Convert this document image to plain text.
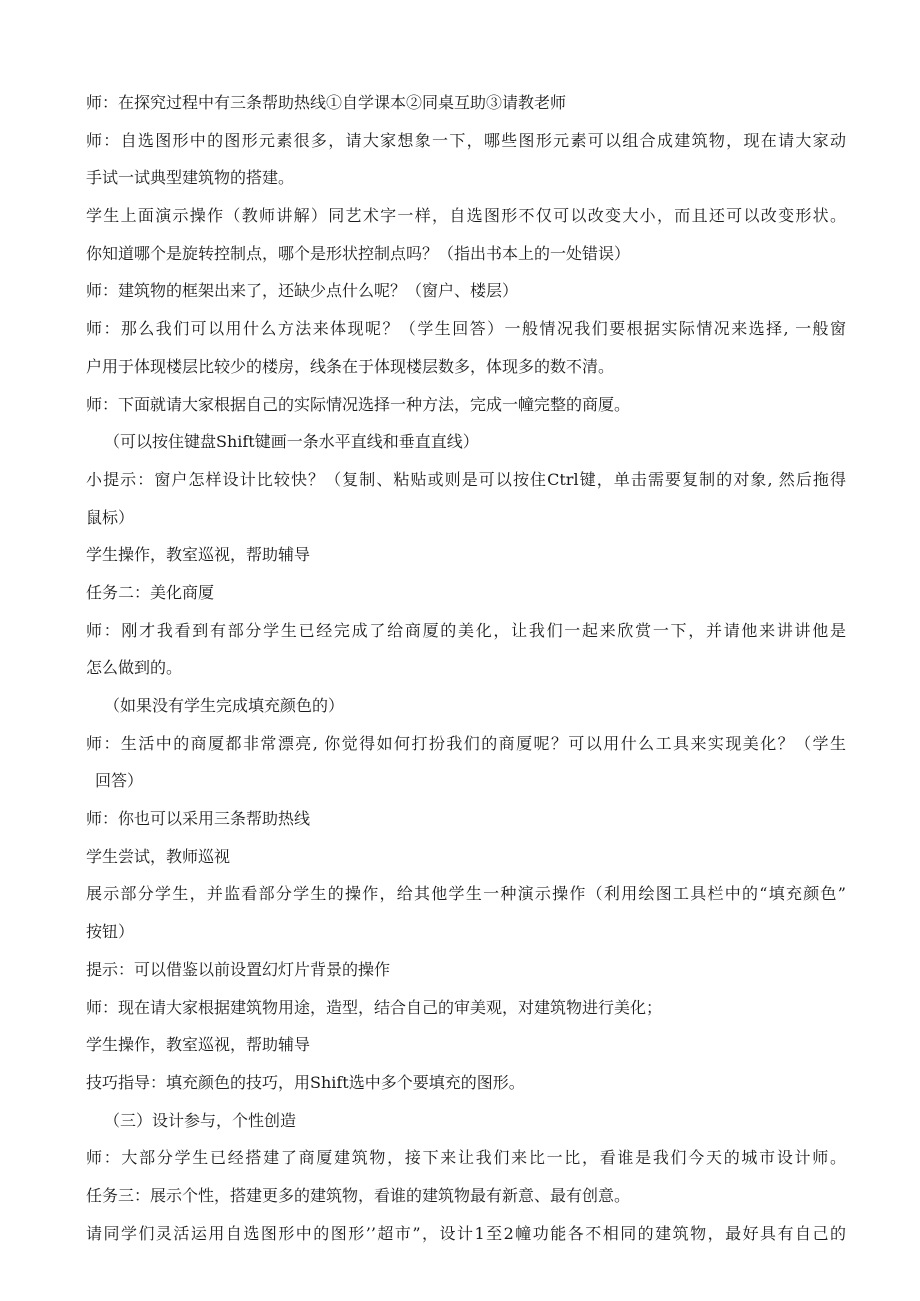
师：在探究过程中有三条帮助热线①自学课本②同桌互助③请教老师
师：自选图形中的图形元素很多，请大家想象一下，哪些图形元素可以组合成建筑物，现在请大家动
手试一试典型建筑物的搭建。
学生上面演示操作（教师讲解）同艺术字一样，自选图形不仅可以改变大小，而且还可以改变形状。
你知道哪个是旋转控制点，哪个是形状控制点吗？（指出书本上的一处错误）
师：建筑物的框架出来了，还缺少点什么呢？（窗户、楼层）
师：那么我们可以用什么方法来体现呢？（学生回答）一般情况我们要根据实际情况来选择, 一般窗
户用于体现楼层比较少的楼房，线条在于体现楼层数多，体现多的数不清。
师：下面就请大家根据自己的实际情况选择一种方法，完成一幢完整的商厦。
（可以按住键盘Shift键画一条水平直线和垂直直线）
小提示：窗户怎样设计比较快？（复制、粘贴或则是可以按住Ctrl键，单击需要复制的对象, 然后拖得
鼠标）
学生操作，教室巡视，帮助辅导
任务二：美化商厦
师：刚才我看到有部分学生已经完成了给商厦的美化，让我们一起来欣赏一下，并请他来讲讲他是
怎么做到的。
（如果没有学生完成填充颜色的）
师：生活中的商厦都非常漂亮, 你觉得如何打扮我们的商厦呢？可以用什么工具来实现美化？（学生
回答）
师：你也可以采用三条帮助热线
学生尝试，教师巡视
展示部分学生，并监看部分学生的操作，给其他学生一种演示操作（利用绘图工具栏中的“填充颜色”
按钮）
提示：可以借鉴以前设置幻灯片背景的操作
师：现在请大家根据建筑物用途，造型，结合自己的审美观，对建筑物进行美化；
学生操作，教室巡视，帮助辅导
技巧指导：填充颜色的技巧，用Shift选中多个要填充的图形。
（三）设计参与，个性创造
师：大部分学生已经搭建了商厦建筑物，接下来让我们来比一比，看谁是我们今天的城市设计师。
任务三：展示个性，搭建更多的建筑物，看谁的建筑物最有新意、最有创意。
请同学们灵活运用自选图形中的图形’’超市”，设计1至2幢功能各不相同的建筑物，最好具有自己的
